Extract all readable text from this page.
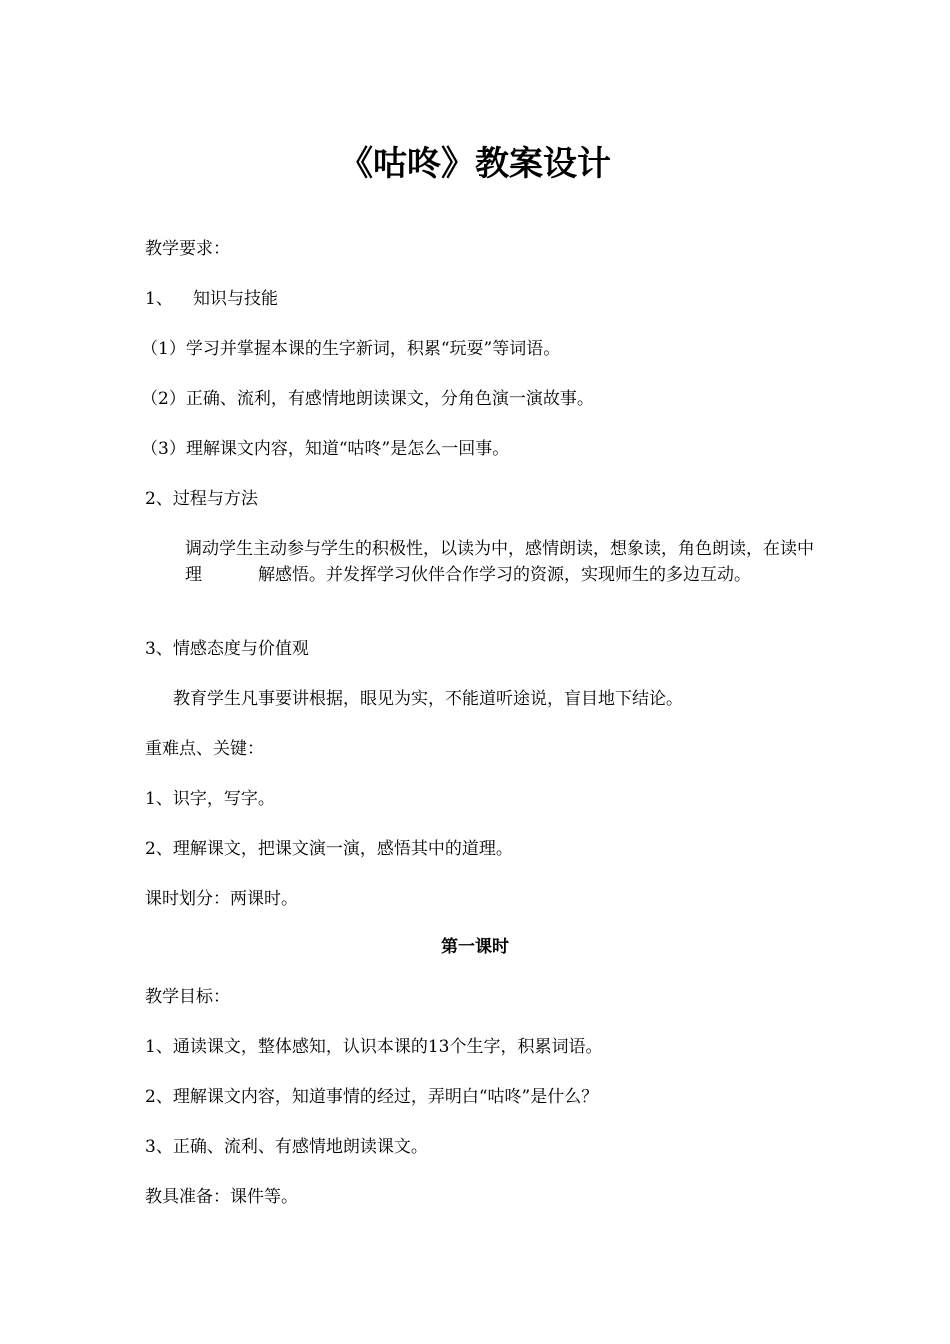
《咕咚》教案设计
教学要求：
1、 知识与技能
（1）学习并掌握本课的生字新词，积累“玩耍”等词语。
（2）正确、流利，有感情地朗读课文，分角色演一演故事。
（3）理解课文内容，知道“咕咚”是怎么一回事。
2、过程与方法
调动学生主动参与学生的积极性，以读为中，感情朗读，想象读，角色朗读，在读中理	解感悟。并发挥学习伙伴合作学习的资源，实现师生的多边互动。
3、情感态度与价值观
教育学生凡事要讲根据，眼见为实，不能道听途说，盲目地下结论。
重难点、关键：
1、识字，写字。
2、理解课文，把课文演一演，感悟其中的道理。
课时划分：两课时。
第一课时
教学目标：
1、通读课文，整体感知，认识本课的13个生字，积累词语。
2、理解课文内容，知道事情的经过，弄明白“咕咚”是什么？
3、正确、流利、有感情地朗读课文。
教具准备：课件等。
